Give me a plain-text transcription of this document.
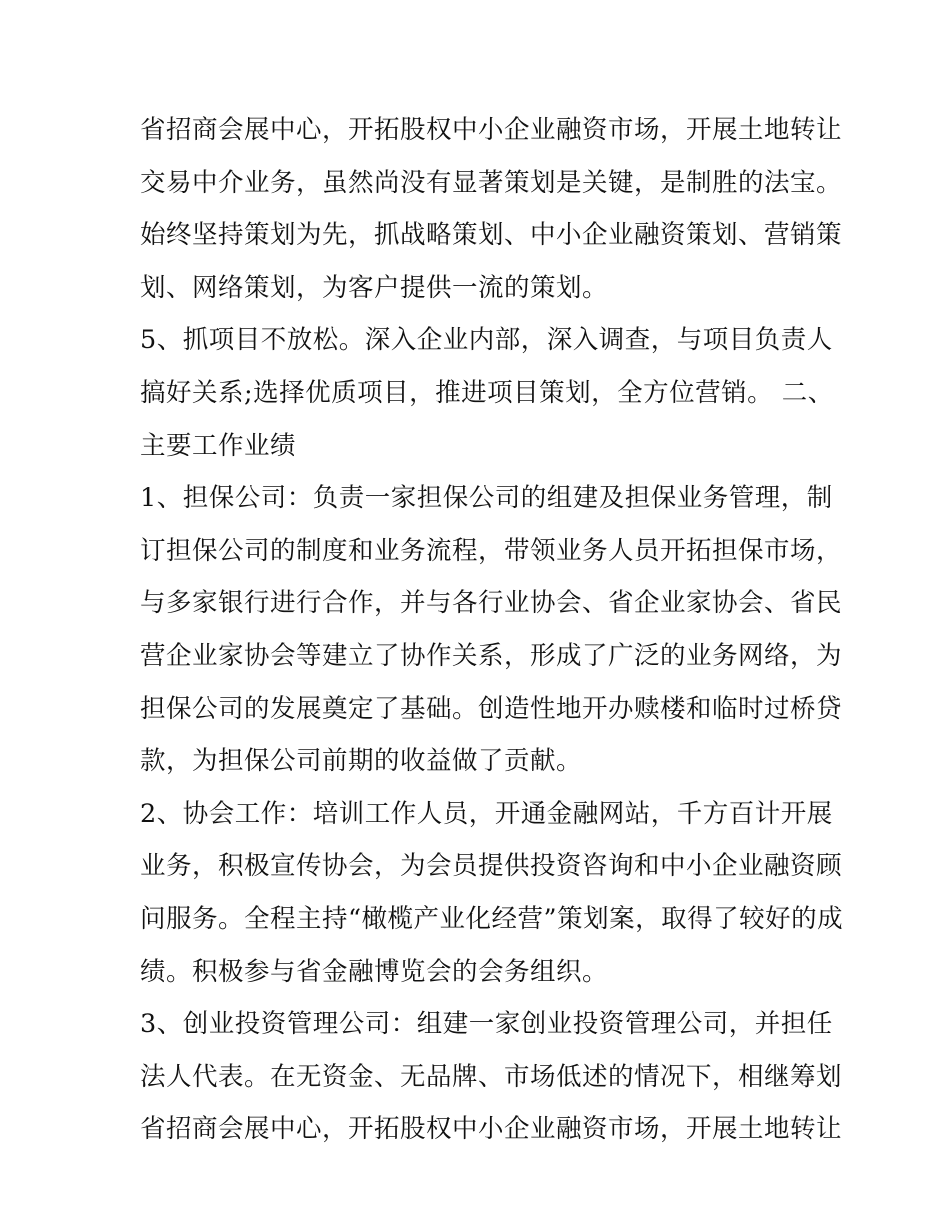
省招商会展中心，开拓股权中小企业融资市场，开展土地转让
交易中介业务，虽然尚没有显著策划是关键，是制胜的法宝。
始终坚持策划为先，抓战略策划、中小企业融资策划、营销策
划、网络策划，为客户提供一流的策划。
5、抓项目不放松。深入企业内部，深入调查，与项目负责人
搞好关系;选择优质项目，推进项目策划，全方位营销。 二、
主要工作业绩
1、担保公司：负责一家担保公司的组建及担保业务管理，制
订担保公司的制度和业务流程，带领业务人员开拓担保市场，
与多家银行进行合作，并与各行业协会、省企业家协会、省民
营企业家协会等建立了协作关系，形成了广泛的业务网络，为
担保公司的发展奠定了基础。创造性地开办赎楼和临时过桥贷
款，为担保公司前期的收益做了贡献。
2、协会工作：培训工作人员，开通金融网站，千方百计开展
业务，积极宣传协会，为会员提供投资咨询和中小企业融资顾
问服务。全程主持“橄榄产业化经营”策划案，取得了较好的成
绩。积极参与省金融博览会的会务组织。
3、创业投资管理公司：组建一家创业投资管理公司，并担任
法人代表。在无资金、无品牌、市场低述的情况下，相继筹划
省招商会展中心，开拓股权中小企业融资市场，开展土地转让
